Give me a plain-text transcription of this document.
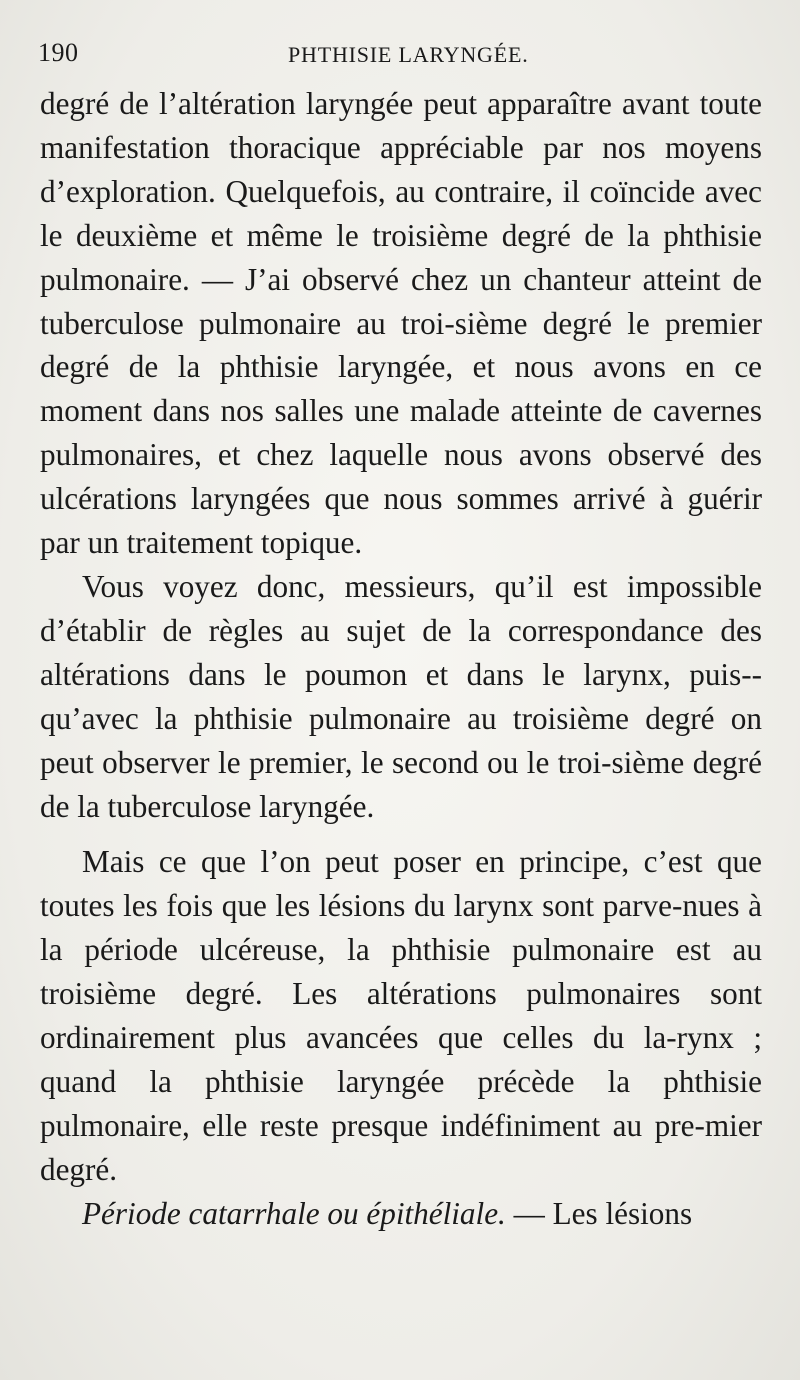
190	PHTHISIE LARYNGÉE.

degré de l’altération laryngée peut apparaître avant toute manifestation thoracique appréciable par nos moyens d’exploration. Quelquefois, au contraire, il coïncide avec le deuxième et même le troisième degré de la phthisie pulmonaire. — J’ai observé chez un chanteur atteint de tuberculose pulmonaire au troi-sième degré le premier degré de la phthisie laryngée, et nous avons en ce moment dans nos salles une malade atteinte de cavernes pulmonaires, et chez laquelle nous avons observé des ulcérations laryngées que nous sommes arrivé à guérir par un traitement topique.

Vous voyez donc, messieurs, qu’il est impossible d’établir de règles au sujet de la correspondance des altérations dans le poumon et dans le larynx, puis-qu’avec la phthisie pulmonaire au troisième degré on peut observer le premier, le second ou le troi-sième degré de la tuberculose laryngée.

Mais ce que l’on peut poser en principe, c’est que toutes les fois que les lésions du larynx sont parve-nues à la période ulcéreuse, la phthisie pulmonaire est au troisième degré. Les altérations pulmonaires sont ordinairement plus avancées que celles du la-rynx ; quand la phthisie laryngée précède la phthisie pulmonaire, elle reste presque indéfiniment au pre-mier degré.

Période catarrhale ou épithéliale. — Les lésions
